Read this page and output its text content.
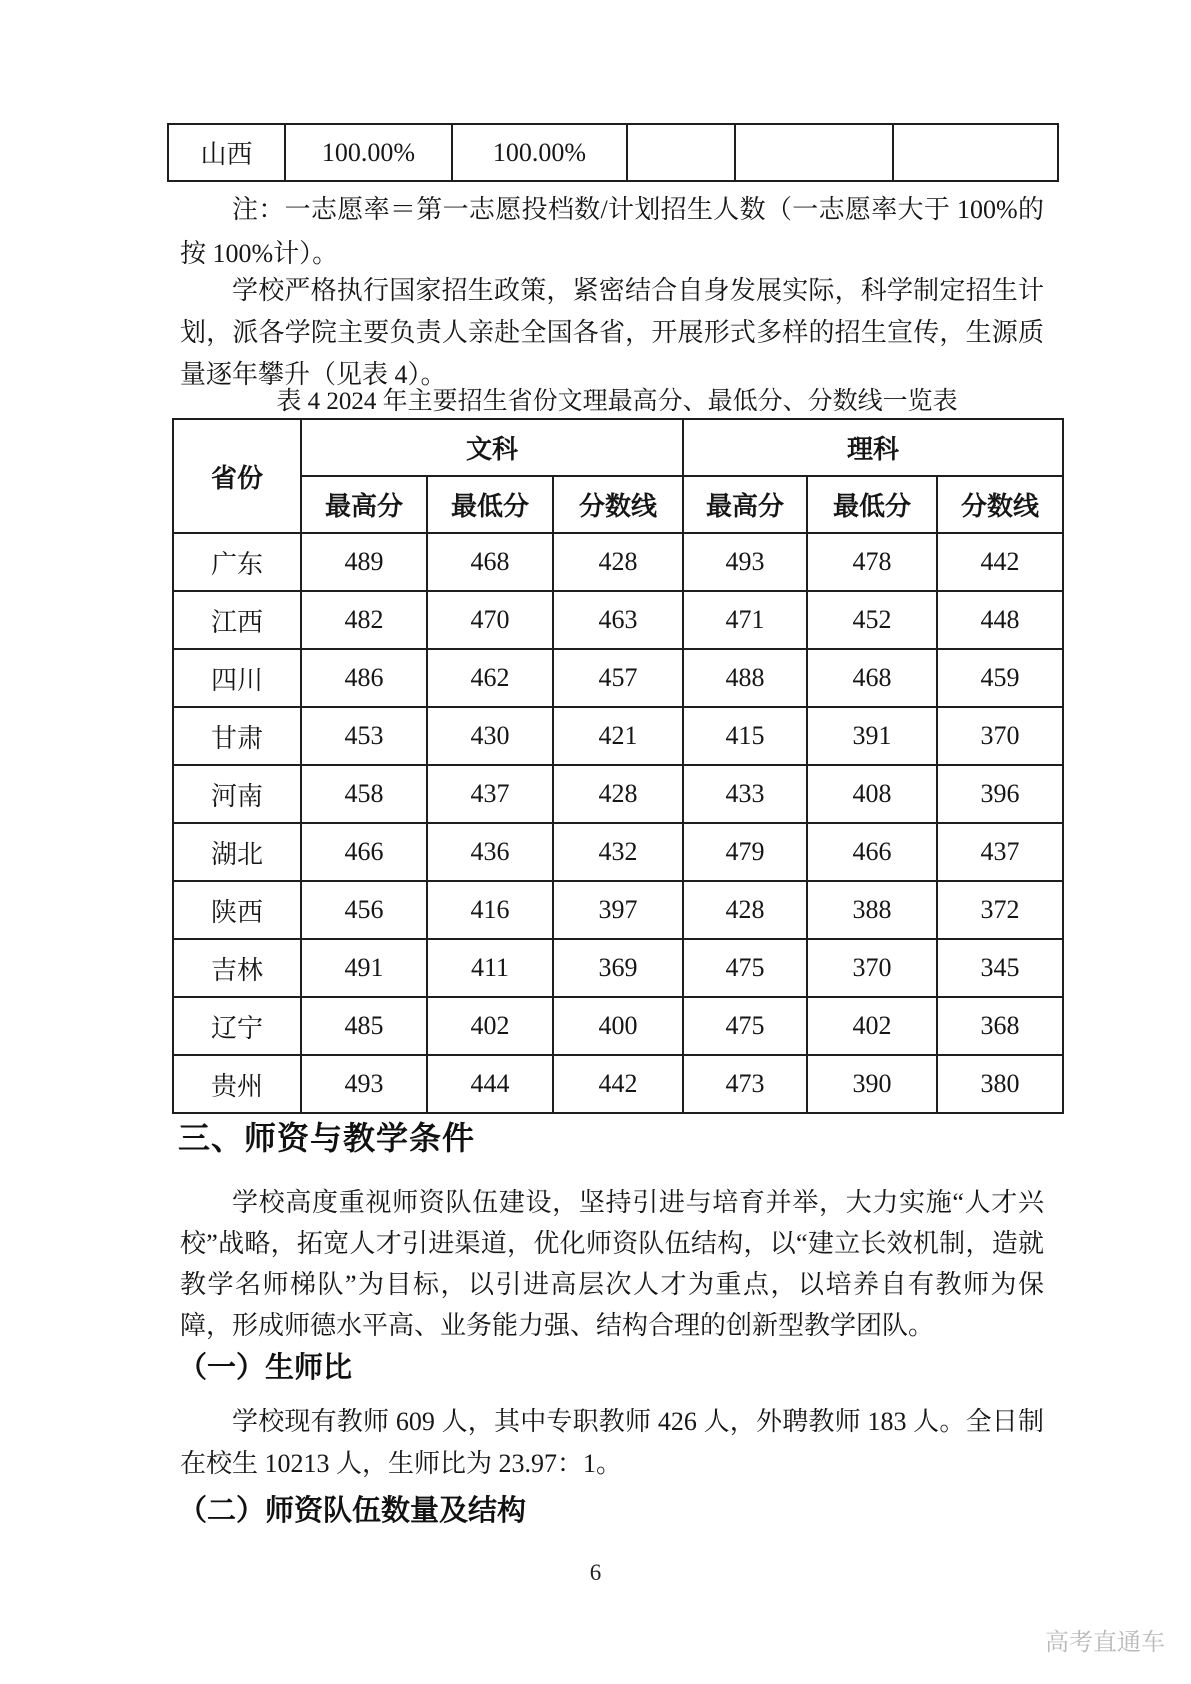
山西	100.00%	100.00%			

注：一志愿率＝第一志愿投档数/计划招生人数（一志愿率大于 100%的按 100%计）。

学校严格执行国家招生政策，紧密结合自身发展实际，科学制定招生计划，派各学院主要负责人亲赴全国各省，开展形式多样的招生宣传，生源质量逐年攀升（见表 4）。

表 4 2024 年主要招生省份文理最高分、最低分、分数线一览表
省份	文科			理科		
	最高分	最低分	分数线	最高分	最低分	分数线
广东	489	468	428	493	478	442
江西	482	470	463	471	452	448
四川	486	462	457	488	468	459
甘肃	453	430	421	415	391	370
河南	458	437	428	433	408	396
湖北	466	436	432	479	466	437
陕西	456	416	397	428	388	372
吉林	491	411	369	475	370	345
辽宁	485	402	400	475	402	368
贵州	493	444	442	473	390	380
三、师资与教学条件

学校高度重视师资队伍建设，坚持引进与培育并举，大力实施“人才兴校”战略，拓宽人才引进渠道，优化师资队伍结构，以“建立长效机制，造就教学名师梯队”为目标，以引进高层次人才为重点，以培养自有教师为保障，形成师德水平高、业务能力强、结构合理的创新型教学团队。

（一）生师比

学校现有教师 609 人，其中专职教师 426 人，外聘教师 183 人。全日制在校生 10213 人，生师比为 23.97：1。

（二）师资队伍数量及结构
6
高考直通车
